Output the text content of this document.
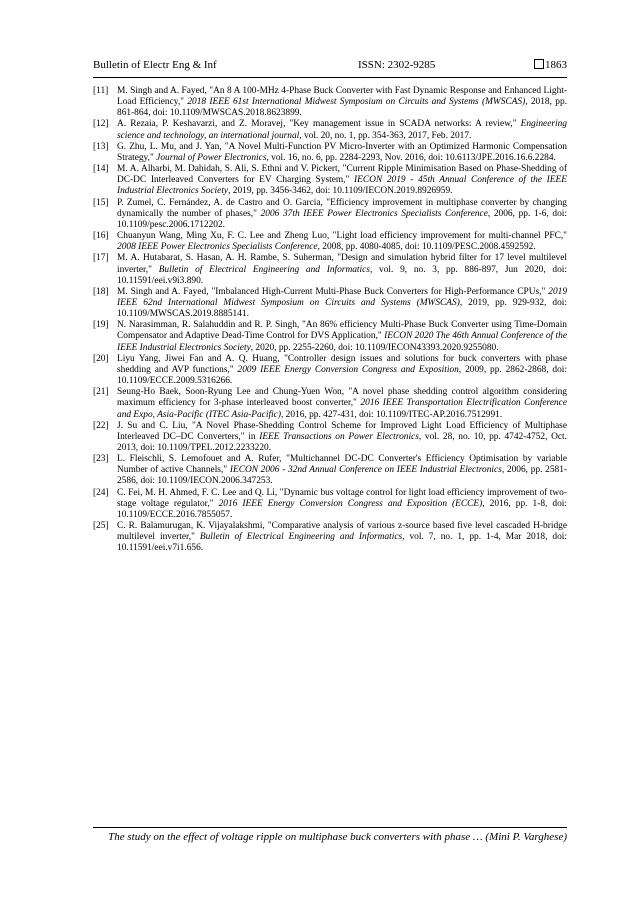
Bulletin of Electr Eng & Inf	ISSN: 2302-9285	1863

[11] M. Singh and A. Fayed, "An 8 A 100-MHz 4-Phase Buck Converter with Fast Dynamic Response and Enhanced Light-Load Efficiency," 2018 IEEE 61st International Midwest Symposium on Circuits and Systems (MWSCAS), 2018, pp. 861-864, doi: 10.1109/MWSCAS.2018.8623899.

[12] A. Rezaia, P. Keshavarzi, and Z. Moravej, "Key management issue in SCADA networks: A review," Engineering science and technology, an international journal, vol. 20, no. 1, pp. 354-363, 2017, Feb. 2017.

[13] G. Zhu, L. Mu, and J. Yan, "A Novel Multi-Function PV Micro-Inverter with an Optimized Harmonic Compensation Strategy," Journal of Power Electronics, vol. 16, no. 6, pp. 2284-2293, Nov. 2016, doi: 10.6113/JPE.2016.16.6.2284.

[14] M. A. Alharbi, M. Dahidah, S. Ali, S. Ethni and V. Pickert, "Current Ripple Minimisation Based on Phase-Shedding of DC-DC Interleaved Converters for EV Charging System," IECON 2019 - 45th Annual Conference of the IEEE Industrial Electronics Society, 2019, pp. 3456-3462, doi: 10.1109/IECON.2019.8926959.

[15] P. Zumel, C. Fernández, A. de Castro and O. Garcia, "Efficiency improvement in multiphase converter by changing dynamically the number of phases," 2006 37th IEEE Power Electronics Specialists Conference, 2006, pp. 1-6, doi: 10.1109/pesc.2006.1712202.

[16] Chuanyun Wang, Ming Xu, F. C. Lee and Zheng Luo, "Light load efficiency improvement for multi-channel PFC," 2008 IEEE Power Electronics Specialists Conference, 2008, pp. 4080-4085, doi: 10.1109/PESC.2008.4592592.

[17] M. A. Hutabarat, S. Hasan, A. H. Rambe, S. Suherman, "Design and simulation hybrid filter for 17 level multilevel inverter," Bulletin of Electrical Engineering and Informatics, vol. 9, no. 3, pp. 886-897, Jun 2020, doi: 10.11591/eei.v9i3.890.

[18] M. Singh and A. Fayed, "Imbalanced High-Current Multi-Phase Buck Converters for High-Performance CPUs," 2019 IEEE 62nd International Midwest Symposium on Circuits and Systems (MWSCAS), 2019, pp. 929-932, doi: 10.1109/MWSCAS.2019.8885141.

[19] N. Narasimman, R. Salahuddin and R. P. Singh, "An 86% efficiency Multi-Phase Buck Converter using Time-Domain Compensator and Adaptive Dead-Time Control for DVS Application," IECON 2020 The 46th Annual Conference of the IEEE Industrial Electronics Society, 2020, pp. 2255-2260, doi: 10.1109/IECON43393.2020.9255080.

[20] Liyu Yang, Jiwei Fan and A. Q. Huang, "Controller design issues and solutions for buck converters with phase shedding and AVP functions," 2009 IEEE Energy Conversion Congress and Exposition, 2009, pp. 2862-2868, doi: 10.1109/ECCE.2009.5316266.

[21] Seung-Ho Baek, Soon-Ryung Lee and Chung-Yuen Won, "A novel phase shedding control algorithm considering maximum efficiency for 3-phase interleaved boost converter," 2016 IEEE Transportation Electrification Conference and Expo, Asia-Pacific (ITEC Asia-Pacific), 2016, pp. 427-431, doi: 10.1109/ITEC-AP.2016.7512991.

[22] J. Su and C. Liu, "A Novel Phase-Shedding Control Scheme for Improved Light Load Efficiency of Multiphase Interleaved DC–DC Converters," in IEEE Transactions on Power Electronics, vol. 28, no. 10, pp. 4742-4752, Oct. 2013, doi: 10.1109/TPEL.2012.2233220.

[23] L. Fleischli, S. Lemofouet and A. Rufer, "Multichannel DC-DC Converter's Efficiency Optimisation by variable Number of active Channels," IECON 2006 - 32nd Annual Conference on IEEE Industrial Electronics, 2006, pp. 2581-2586, doi: 10.1109/IECON.2006.347253.

[24] C. Fei, M. H. Ahmed, F. C. Lee and Q. Li, "Dynamic bus voltage control for light load efficiency improvement of two-stage voltage regulator," 2016 IEEE Energy Conversion Congress and Exposition (ECCE), 2016, pp. 1-8, doi: 10.1109/ECCE.2016.7855057.

[25] C. R. Balamurugan, K. Vijayalakshmi, "Comparative analysis of various z-source based five level cascaded H-bridge multilevel inverter," Bulletin of Electrical Engineering and Informatics, vol. 7, no. 1, pp. 1-4, Mar 2018, doi: 10.11591/eei.v7i1.656.

The study on the effect of voltage ripple on multiphase buck converters with phase … (Mini P. Varghese)
